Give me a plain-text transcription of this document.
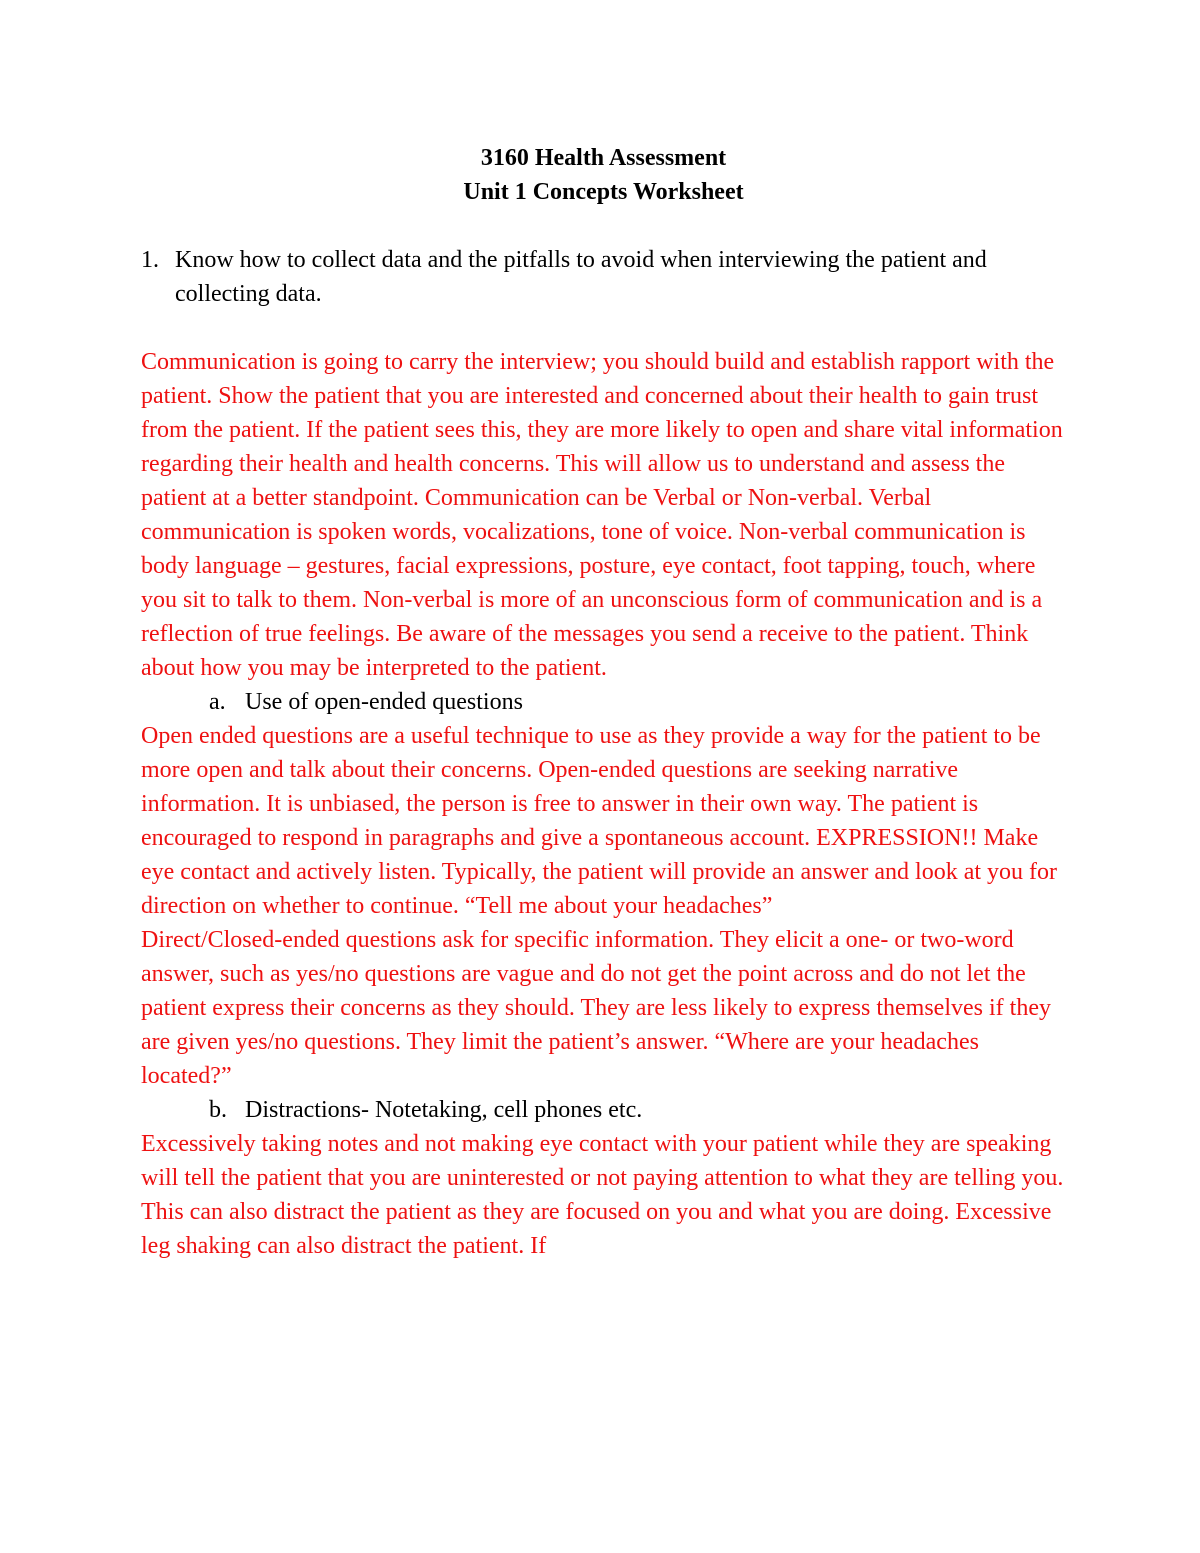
3160 Health Assessment
Unit 1 Concepts Worksheet
1. Know how to collect data and the pitfalls to avoid when interviewing the patient and collecting data.

Communication is going to carry the interview; you should build and establish rapport with the patient. Show the patient that you are interested and concerned about their health to gain trust from the patient. If the patient sees this, they are more likely to open and share vital information regarding their health and health concerns. This will allow us to understand and assess the patient at a better standpoint. Communication can be Verbal or Non-verbal. Verbal communication is spoken words, vocalizations, tone of voice. Non-verbal communication is body language – gestures, facial expressions, posture, eye contact, foot tapping, touch, where you sit to talk to them. Non-verbal is more of an unconscious form of communication and is a reflection of true feelings. Be aware of the messages you send a receive to the patient. Think about how you may be interpreted to the patient.

a. Use of open-ended questions

Open ended questions are a useful technique to use as they provide a way for the patient to be more open and talk about their concerns. Open-ended questions are seeking narrative information. It is unbiased, the person is free to answer in their own way. The patient is encouraged to respond in paragraphs and give a spontaneous account. EXPRESSION!! Make eye contact and actively listen. Typically, the patient will provide an answer and look at you for direction on whether to continue. “Tell me about your headaches”

Direct/Closed-ended questions ask for specific information. They elicit a one- or two-word answer, such as yes/no questions are vague and do not get the point across and do not let the patient express their concerns as they should. They are less likely to express themselves if they are given yes/no questions. They limit the patient’s answer. “Where are your headaches located?”

b. Distractions- Notetaking, cell phones etc.

Excessively taking notes and not making eye contact with your patient while they are speaking will tell the patient that you are uninterested or not paying attention to what they are telling you. This can also distract the patient as they are focused on you and what you are doing. Excessive leg shaking can also distract the patient. If
